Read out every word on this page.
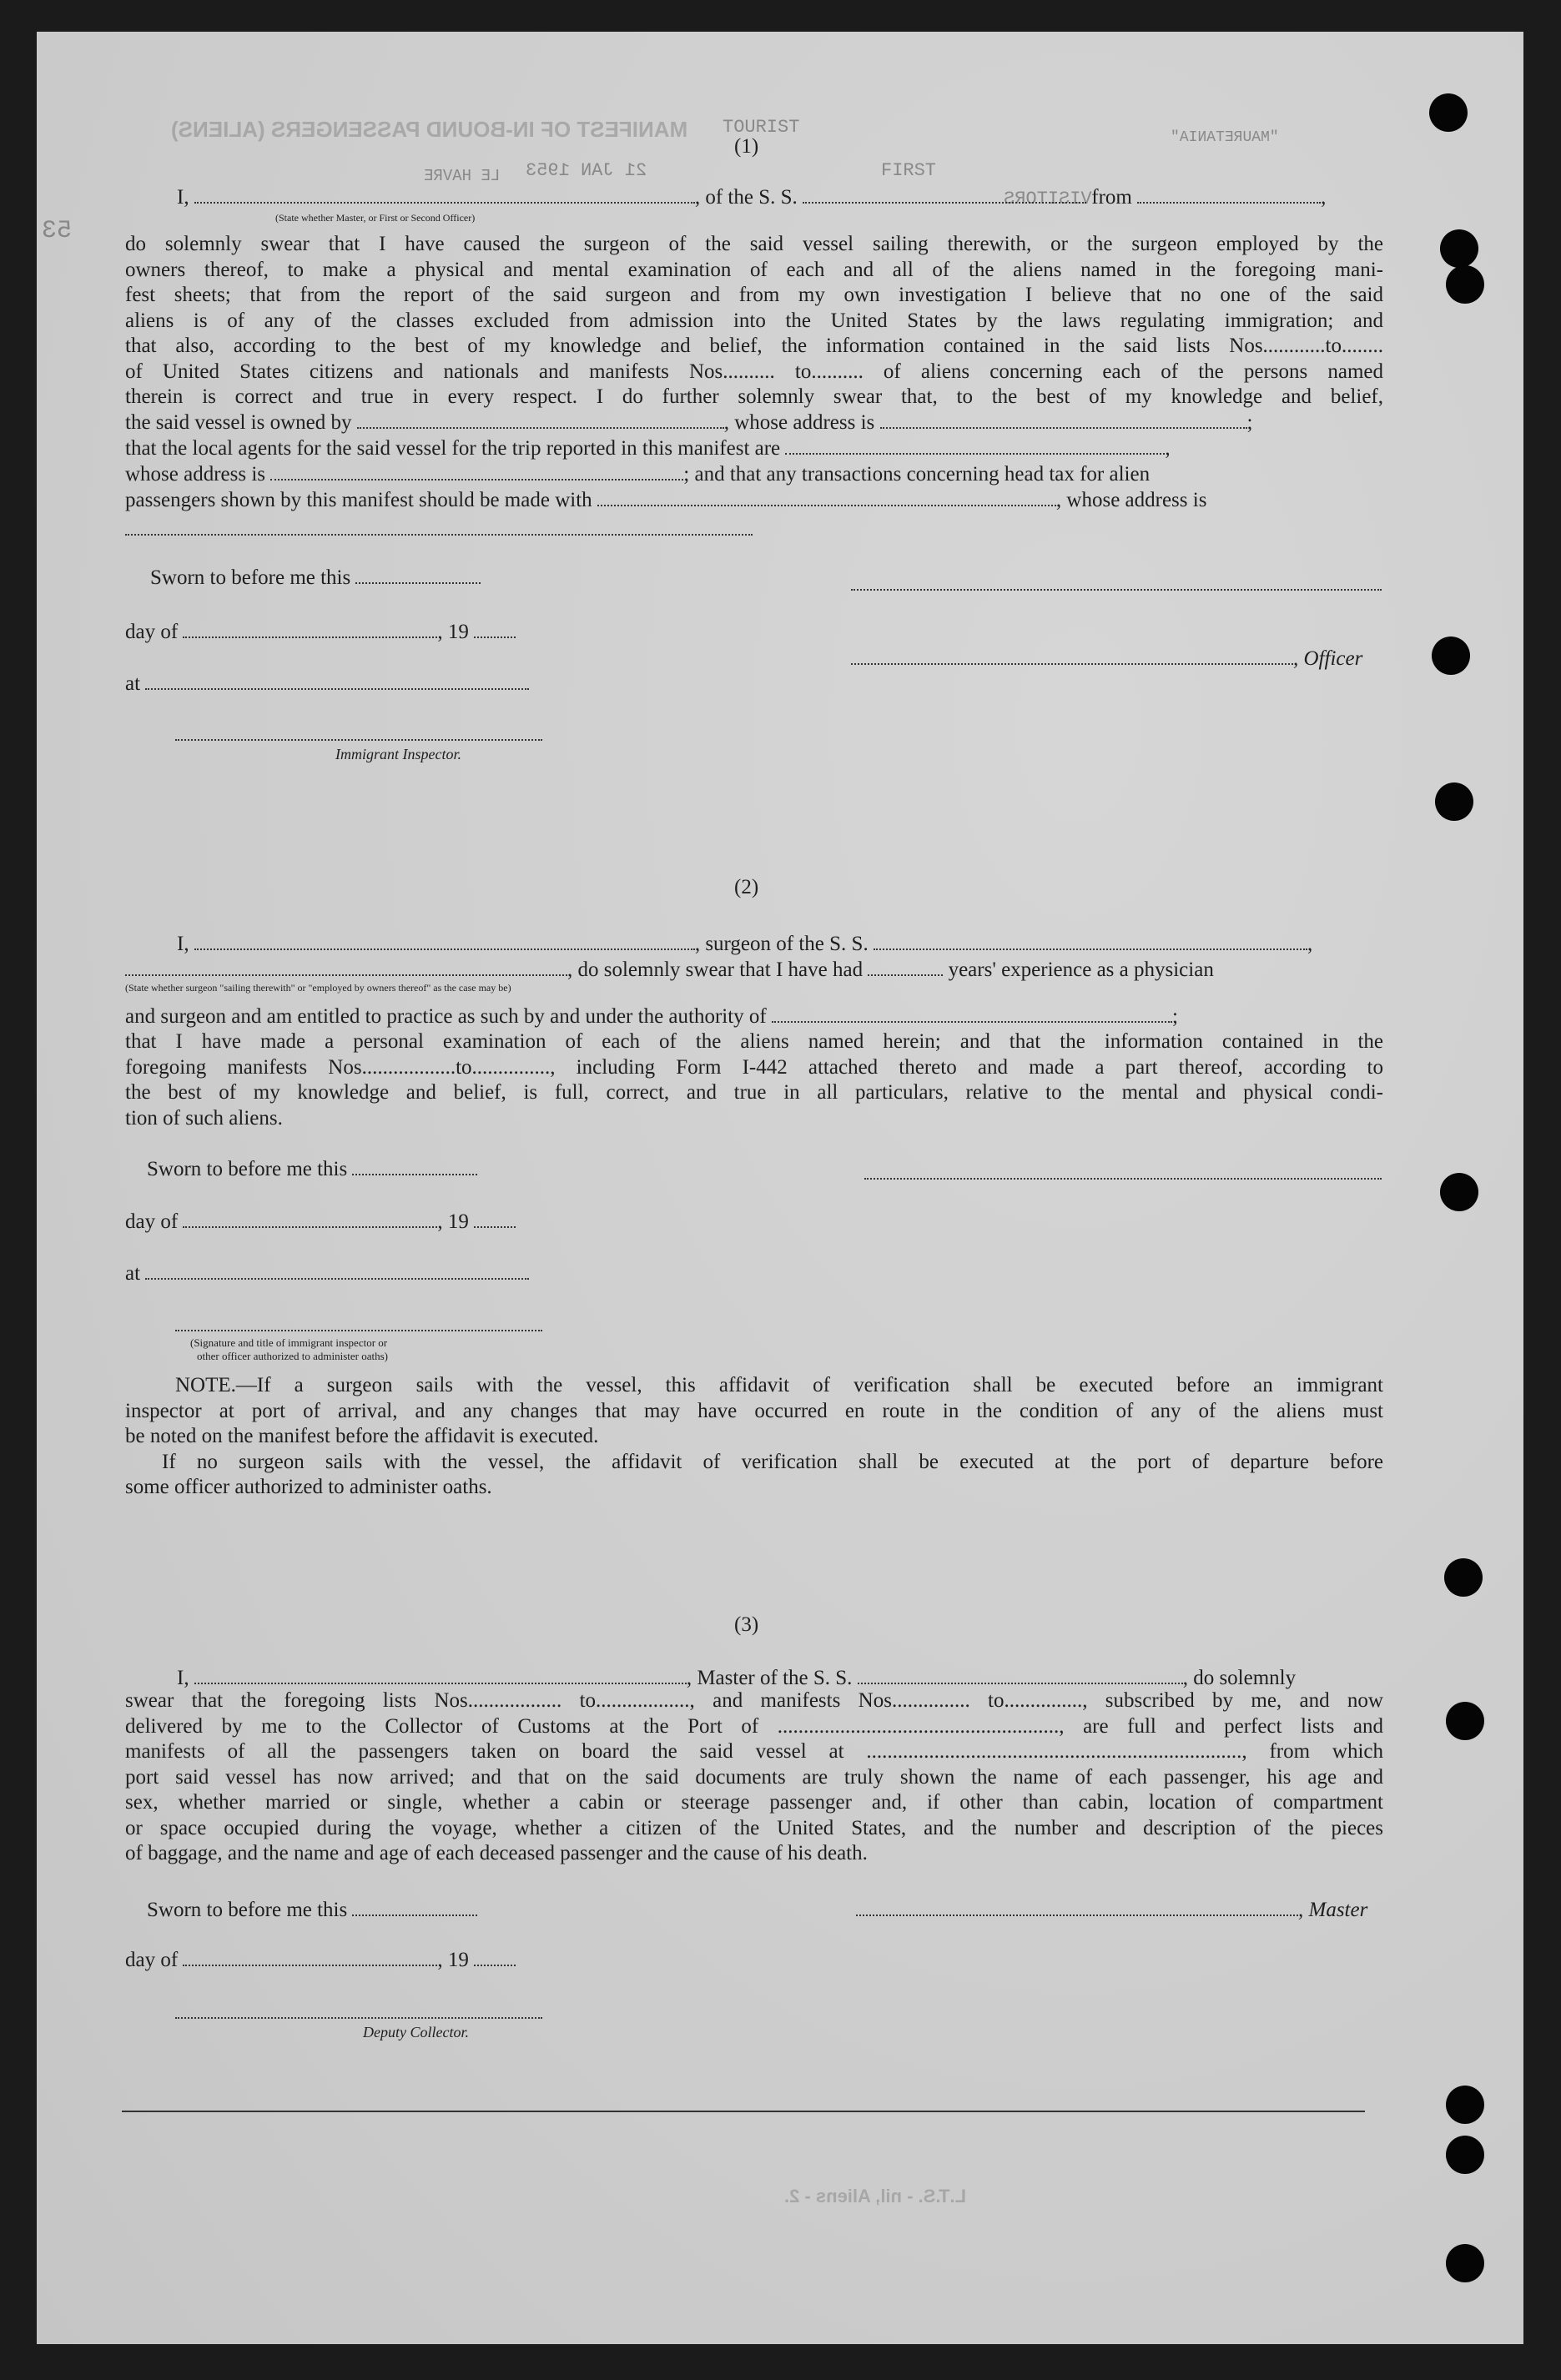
MANIFEST OF IN-BOUND PASSENGERS (ALIENS) TOURIST
FIRST
21 JAN 1953
LE HAVRE
VISITORS
"MAURETANIA"
53
(1)
I,	, of the S. S.	from	,
(State whether Master, or First or Second Officer)

do solemnly swear that I have caused the surgeon of the said vessel sailing therewith, or the surgeon employed by the

owners thereof, to make a physical and mental examination of each and all of the aliens named in the foregoing mani-

fest sheets; that from the report of the said surgeon and from my own investigation I believe that no one of the said

aliens is of any of the classes excluded from admission into the United States by the laws regulating immigration; and

that also, according to the best of my knowledge and belief, the information contained in the said lists Nos............to........

of United States citizens and nationals and manifests Nos.......... to.......... of aliens concerning each of the persons named

therein is correct and true in every respect. I do further solemnly swear that, to the best of my knowledge and belief,

the said vessel is owned by	, whose address is	;
that the local agents for the said vessel for the trip reported in this manifest are	,
whose address is	; and that any transactions concerning head tax for alien
passengers shown by this manifest should be made with	, whose address is
Sworn to before me this
day of	, 19
, Officer
at
Immigrant Inspector.
(2)
I,	, surgeon of the S. S.	,
, do solemnly swear that I have had	years' experience as a physician
(State whether surgeon "sailing therewith" or "employed by owners thereof" as the case may be)
and surgeon and am entitled to practice as such by and under the authority of	;

that I have made a personal examination of each of the aliens named herein; and that the information contained in the

foregoing manifests Nos..................to..............., including Form I-442 attached thereto and made a part thereof, according to

the best of my knowledge and belief, is full, correct, and true in all particulars, relative to the mental and physical condi-

tion of such aliens.

Sworn to before me this
day of	, 19
at
(Signature and title of immigrant inspector or
other officer authorized to administer oaths)

NOTE.—If a surgeon sails with the vessel, this affidavit of verification shall be executed before an immigrant

inspector at port of arrival, and any changes that may have occurred en route in the condition of any of the aliens must

be noted on the manifest before the affidavit is executed.

If no surgeon sails with the vessel, the affidavit of verification shall be executed at the port of departure before

some officer authorized to administer oaths.

(3)
I,	, Master of the S. S.	, do solemnly

swear that the foregoing lists Nos.................. to.................., and manifests Nos............... to..............., subscribed by me, and now

delivered by me to the Collector of Customs at the Port of ......................................................, are full and perfect lists and

manifests of all the passengers taken on board the said vessel at ........................................................................, from which

port said vessel has now arrived; and that on the said documents are truly shown the name of each passenger, his age and

sex, whether married or single, whether a cabin or steerage passenger and, if other than cabin, location of compartment

or space occupied during the voyage, whether a citizen of the United States, and the number and description of the pieces

of baggage, and the name and age of each deceased passenger and the cause of his death.

Sworn to before me this	, Master
day of	, 19
Deputy Collector.
L.T.S. - nil, Aliens - 2.
